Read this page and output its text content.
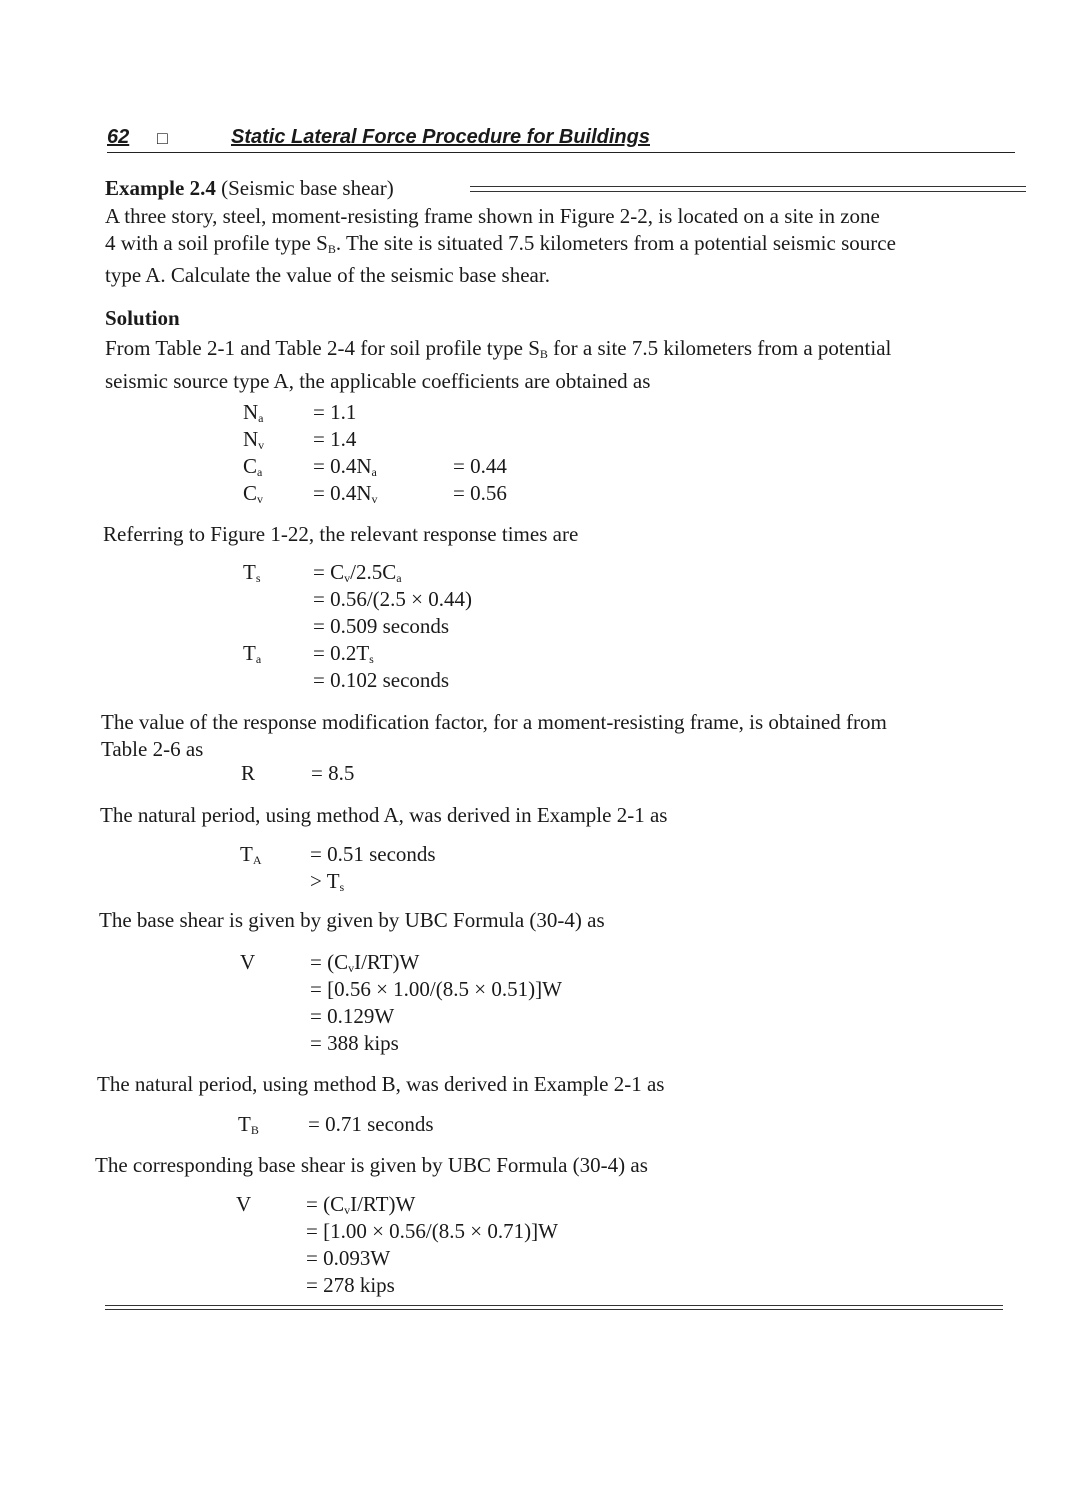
62 □	Static Lateral Force Procedure for Buildings
Example 2.4 (Seismic base shear)
A three story, steel, moment-resisting frame shown in Figure 2-2, is located on a site in zone
4 with a soil profile type $S_B$. The site is situated 7.5 kilometers from a potential seismic source
type A. Calculate the value of the seismic base shear.
Solution
From Table 2-1 and Table 2-4 for soil profile type $S_B$ for a site 7.5 kilometers from a potential
seismic source type A, the applicable coefficients are obtained as
$N_a = 1.1$
$N_v = 1.4$
$C_a = 0.4N_a$	= 0.44
$C_v = 0.4N_v$	= 0.56
Referring to Figure 1-22, the relevant response times are
$T_s$	= $C_v/2.5C_a$
= 0.56/(2.5 × 0.44)
= 0.509 seconds
$T_a = 0.2T_s$
= 0.102 seconds
The value of the response modification factor, for a moment-resisting frame, is obtained from
Table 2-6 as
R	= 8.5
The natural period, using method A, was derived in Example 2-1 as
$T_A = 0.51$ seconds
> $T_s$
The base shear is given by given by UBC Formula (30-4) as
V	= $(C_vI/RT)W$
= [0.56 × 1.00/(8.5 × 0.51)]W
= 0.129W
= 388 kips
The natural period, using method B, was derived in Example 2-1 as
$T_B = 0.71$ seconds
The corresponding base shear is given by UBC Formula (30-4) as
V	= $(C_vI/RT)W$
= [1.00 × 0.56/(8.5 × 0.71)]W
= 0.093W
= 278 kips
